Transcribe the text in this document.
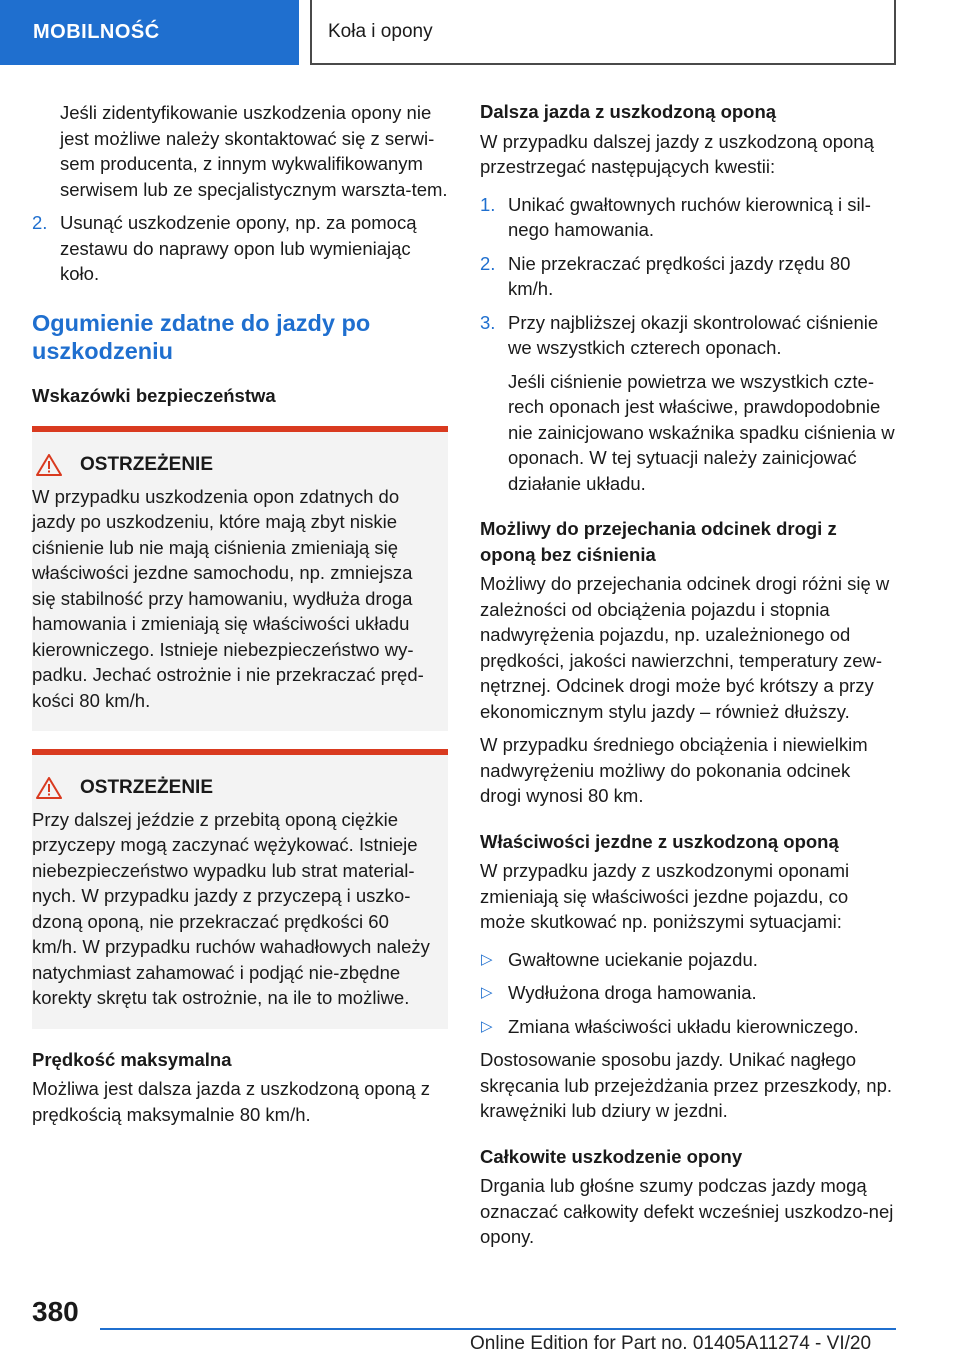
MOBILNOŚĆ	Koła i opony

Jeśli zidentyfikowanie uszkodzenia opony nie jest możliwe należy skontaktować się z serwi-sem producenta, z innym wykwalifikowanym serwisem lub ze specjalistycznym warszta-tem.

2. Usunąć uszkodzenie opony, np. za pomocą zestawu do naprawy opon lub wymieniając koło.
Ogumienie zdatne do jazdy po uszkodzeniu
Wskazówki bezpieczeństwa
OSTRZEŻENIE

W przypadku uszkodzenia opon zdatnych do jazdy po uszkodzeniu, które mają zbyt niskie ciśnienie lub nie mają ciśnienia zmieniają się właściwości jezdne samochodu, np. zmniejsza się stabilność przy hamowaniu, wydłuża droga hamowania i zmieniają się właściwości układu kierowniczego. Istnieje niebezpieczeństwo wy-padku. Jechać ostrożnie i nie przekraczać pręd-kości 80 km/h.

OSTRZEŻENIE

Przy dalszej jeździe z przebitą oponą ciężkie przyczepy mogą zaczynać wężykować. Istnieje niebezpieczeństwo wypadku lub strat material-nych. W przypadku jazdy z przyczepą i uszko-dzoną oponą, nie przekraczać prędkości 60 km/h. W przypadku ruchów wahadłowych należy natychmiast zahamować i podjąć nie-zbędne korekty skrętu tak ostrożnie, na ile to możliwe.

Prędkość maksymalna

Możliwa jest dalsza jazda z uszkodzoną oponą z prędkością maksymalnie 80 km/h.

Dalsza jazda z uszkodzoną oponą

W przypadku dalszej jazdy z uszkodzoną oponą przestrzegać następujących kwestii:

1. Unikać gwałtownych ruchów kierownicą i sil-nego hamowania.
2. Nie przekraczać prędkości jazdy rzędu 80 km/h.
3. Przy najbliższej okazji skontrolować ciśnienie we wszystkich czterech oponach.

Jeśli ciśnienie powietrza we wszystkich czte-rech oponach jest właściwe, prawdopodobnie nie zainicjowano wskaźnika spadku ciśnienia w oponach. W tej sytuacji należy zainicjować działanie układu.

Możliwy do przejechania odcinek drogi z oponą bez ciśnienia

Możliwy do przejechania odcinek drogi różni się w zależności od obciążenia pojazdu i stopnia nadwyrężenia pojazdu, np. uzależnionego od prędkości, jakości nawierzchni, temperatury zew-nętrznej. Odcinek drogi może być krótszy a przy ekonomicznym stylu jazdy – również dłuższy.

W przypadku średniego obciążenia i niewielkim nadwyrężeniu możliwy do pokonania odcinek drogi wynosi 80 km.

Właściwości jezdne z uszkodzoną oponą

W przypadku jazdy z uszkodzonymi oponami zmieniają się właściwości jezdne pojazdu, co może skutkować np. poniższymi sytuacjami:

▷ Gwałtowne uciekanie pojazdu.
▷ Wydłużona droga hamowania.
▷ Zmiana właściwości układu kierowniczego.

Dostosowanie sposobu jazdy. Unikać nagłego skręcania lub przejeżdżania przez przeszkody, np. krawężniki lub dziury w jezdni.

Całkowite uszkodzenie opony

Drgania lub głośne szumy podczas jazdy mogą oznaczać całkowity defekt wcześniej uszkodzo-nej opony.

380
Online Edition for Part no. 01405A11274 - VI/20
